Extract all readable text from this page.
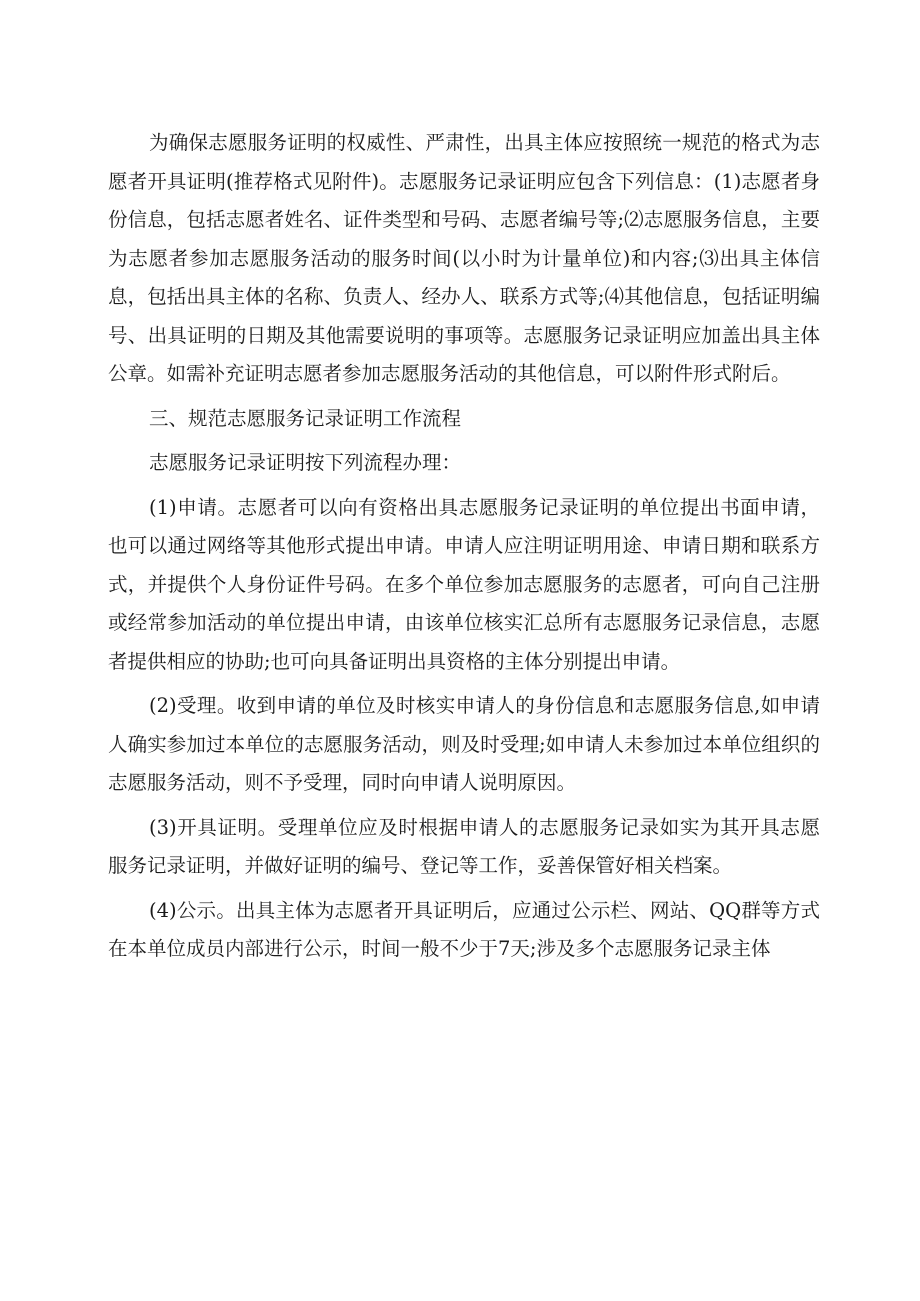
为确保志愿服务证明的权威性、严肃性，出具主体应按照统一规范的格式为志愿者开具证明(推荐格式见附件)。志愿服务记录证明应包含下列信息：(1)志愿者身份信息，包括志愿者姓名、证件类型和号码、志愿者编号等;⑵志愿服务信息，主要为志愿者参加志愿服务活动的服务时间(以小时为计量单位)和内容;⑶出具主体信息，包括出具主体的名称、负责人、经办人、联系方式等;⑷其他信息，包括证明编号、出具证明的日期及其他需要说明的事项等。志愿服务记录证明应加盖出具主体公章。如需补充证明志愿者参加志愿服务活动的其他信息，可以附件形式附后。

三、规范志愿服务记录证明工作流程

志愿服务记录证明按下列流程办理：

(1)申请。志愿者可以向有资格出具志愿服务记录证明的单位提出书面申请，也可以通过网络等其他形式提出申请。申请人应注明证明用途、申请日期和联系方式，并提供个人身份证件号码。在多个单位参加志愿服务的志愿者，可向自己注册或经常参加活动的单位提出申请，由该单位核实汇总所有志愿服务记录信息，志愿者提供相应的协助;也可向具备证明出具资格的主体分别提出申请。

(2)受理。收到申请的单位及时核实申请人的身份信息和志愿服务信息,如申请人确实参加过本单位的志愿服务活动，则及时受理;如申请人未参加过本单位组织的志愿服务活动，则不予受理，同时向申请人说明原因。

(3)开具证明。受理单位应及时根据申请人的志愿服务记录如实为其开具志愿服务记录证明，并做好证明的编号、登记等工作，妥善保管好相关档案。

(4)公示。出具主体为志愿者开具证明后，应通过公示栏、网站、QQ群等方式在本单位成员内部进行公示，时间一般不少于7天;涉及多个志愿服务记录主体
